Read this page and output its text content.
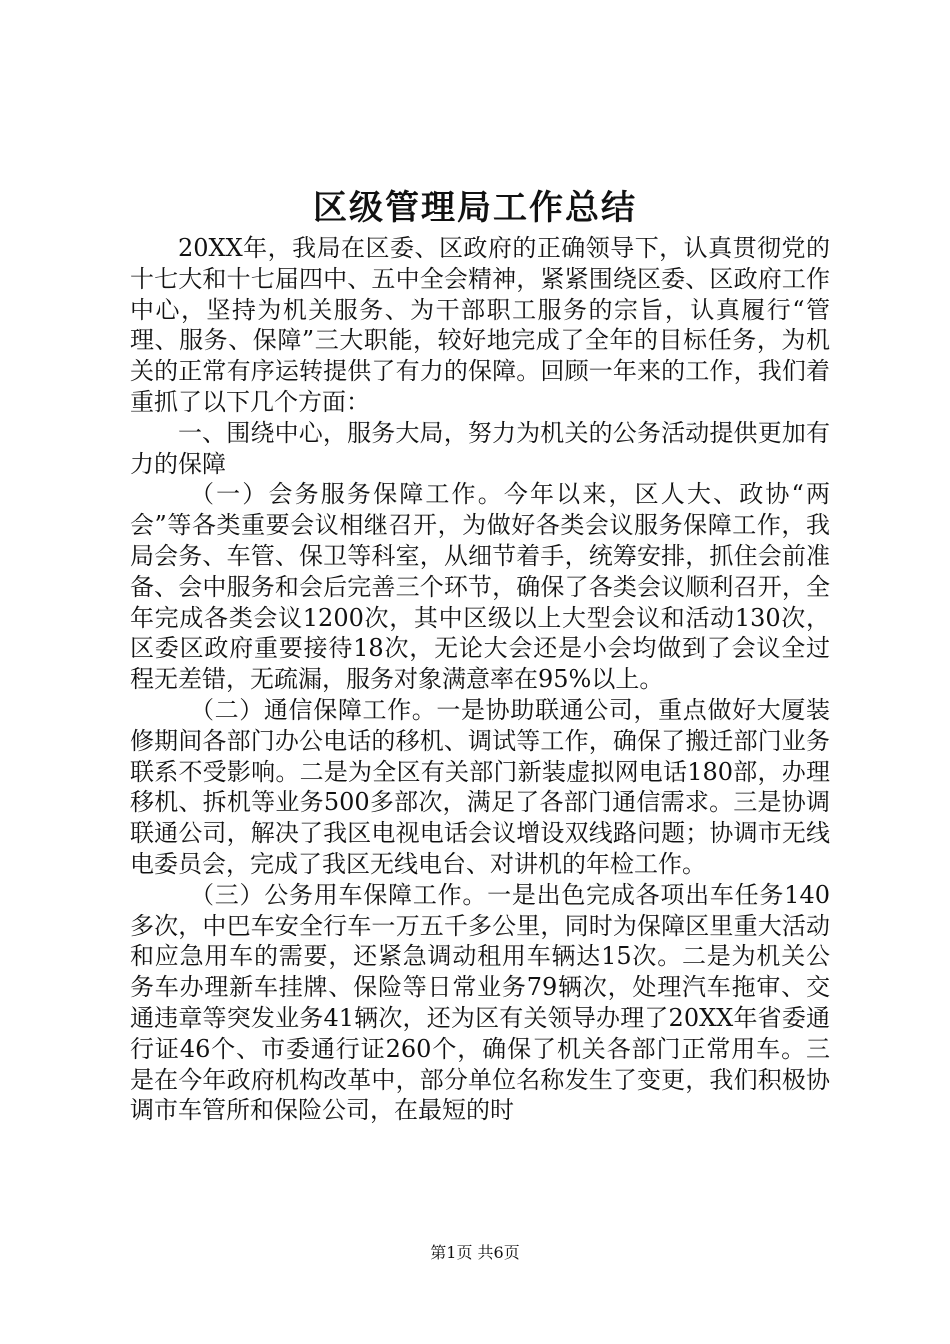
区级管理局工作总结

20XX年，我局在区委、区政府的正确领导下，认真贯彻党的十七大和十七届四中、五中全会精神，紧紧围绕区委、区政府工作中心，坚持为机关服务、为干部职工服务的宗旨，认真履行“管理、服务、保障”三大职能，较好地完成了全年的目标任务，为机关的正常有序运转提供了有力的保障。回顾一年来的工作，我们着重抓了以下几个方面：

一、围绕中心，服务大局，努力为机关的公务活动提供更加有力的保障

（一）会务服务保障工作。今年以来，区人大、政协“两会”等各类重要会议相继召开，为做好各类会议服务保障工作，我局会务、车管、保卫等科室，从细节着手，统筹安排，抓住会前准备、会中服务和会后完善三个环节，确保了各类会议顺利召开，全年完成各类会议1200次，其中区级以上大型会议和活动130次，区委区政府重要接待18次，无论大会还是小会均做到了会议全过程无差错，无疏漏，服务对象满意率在95%以上。

（二）通信保障工作。一是协助联通公司，重点做好大厦装修期间各部门办公电话的移机、调试等工作，确保了搬迁部门业务联系不受影响。二是为全区有关部门新装虚拟网电话180部，办理移机、拆机等业务500多部次，满足了各部门通信需求。三是协调联通公司，解决了我区电视电话会议增设双线路问题；协调市无线电委员会，完成了我区无线电台、对讲机的年检工作。

（三）公务用车保障工作。一是出色完成各项出车任务140多次，中巴车安全行车一万五千多公里，同时为保障区里重大活动和应急用车的需要，还紧急调动租用车辆达15次。二是为机关公务车办理新车挂牌、保险等日常业务79辆次，处理汽车拖审、交通违章等突发业务41辆次，还为区有关领导办理了20XX年省委通行证46个、市委通行证260个，确保了机关各部门正常用车。三是在今年政府机构改革中，部分单位名称发生了变更，我们积极协调市车管所和保险公司，在最短的时

第1页 共6页
